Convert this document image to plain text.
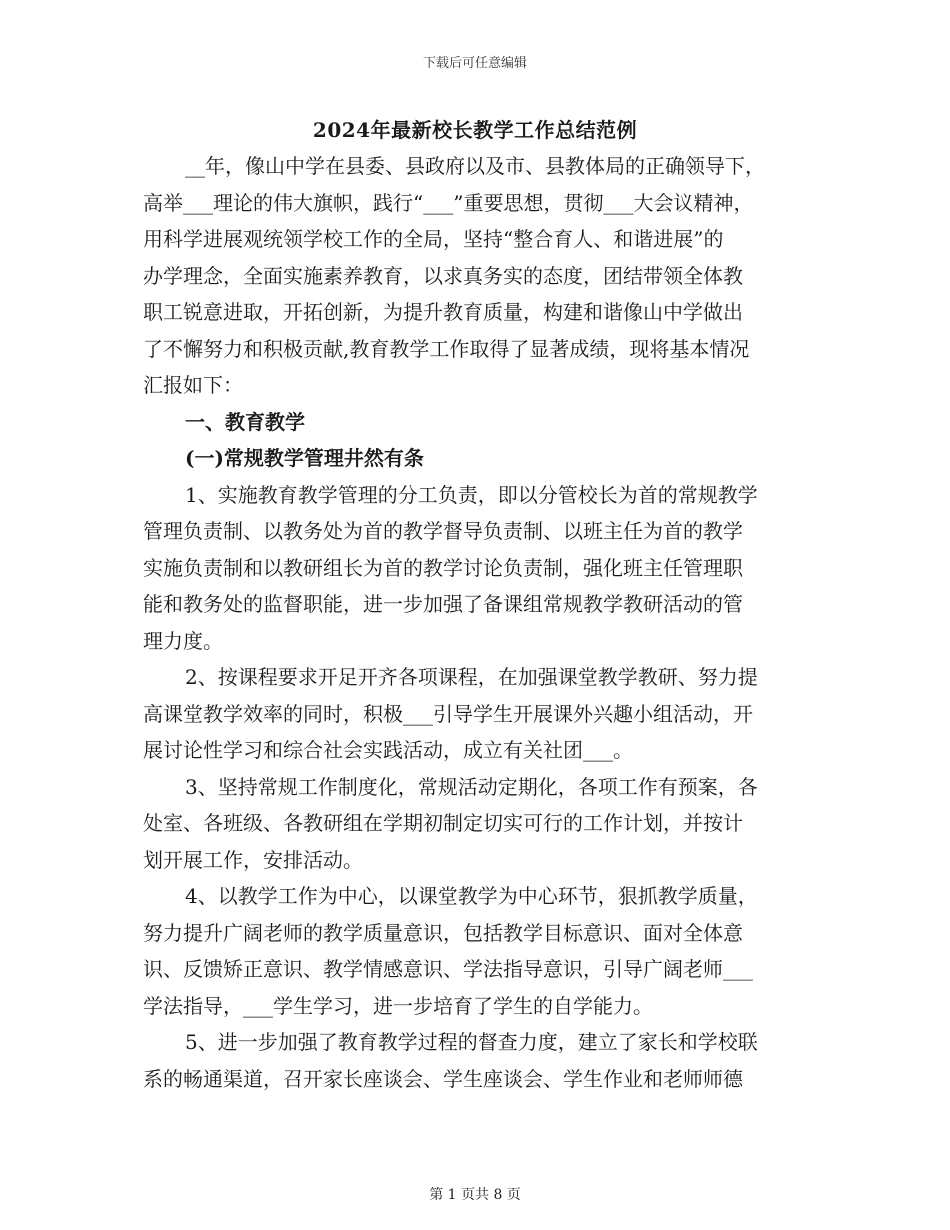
下载后可任意编辑
2024年最新校长教学工作总结范例
__年，像山中学在县委、县政府以及市、县教体局的正确领导下，
高举___理论的伟大旗帜，践行“___”重要思想，贯彻___大会议精神，
用科学进展观统领学校工作的全局，坚持“整合育人、和谐进展”的
办学理念，全面实施素养教育，以求真务实的态度，团结带领全体教
职工锐意进取，开拓创新，为提升教育质量，构建和谐像山中学做出
了不懈努力和积极贡献,教育教学工作取得了显著成绩，现将基本情况
汇报如下：
一、教育教学
(一)常规教学管理井然有条
1、实施教育教学管理的分工负责，即以分管校长为首的常规教学
管理负责制、以教务处为首的教学督导负责制、以班主任为首的教学
实施负责制和以教研组长为首的教学讨论负责制，强化班主任管理职
能和教务处的监督职能，进一步加强了备课组常规教学教研活动的管
理力度。
2、按课程要求开足开齐各项课程，在加强课堂教学教研、努力提
高课堂教学效率的同时，积极___引导学生开展课外兴趣小组活动，开
展讨论性学习和综合社会实践活动，成立有关社团___。
3、坚持常规工作制度化，常规活动定期化，各项工作有预案，各
处室、各班级、各教研组在学期初制定切实可行的工作计划，并按计
划开展工作，安排活动。
4、以教学工作为中心，以课堂教学为中心环节，狠抓教学质量，
努力提升广阔老师的教学质量意识，包括教学目标意识、面对全体意
识、反馈矫正意识、教学情感意识、学法指导意识，引导广阔老师___
学法指导，___学生学习，进一步培育了学生的自学能力。
5、进一步加强了教育教学过程的督查力度，建立了家长和学校联
系的畅通渠道，召开家长座谈会、学生座谈会、学生作业和老师师德
第 1 页共 8 页
